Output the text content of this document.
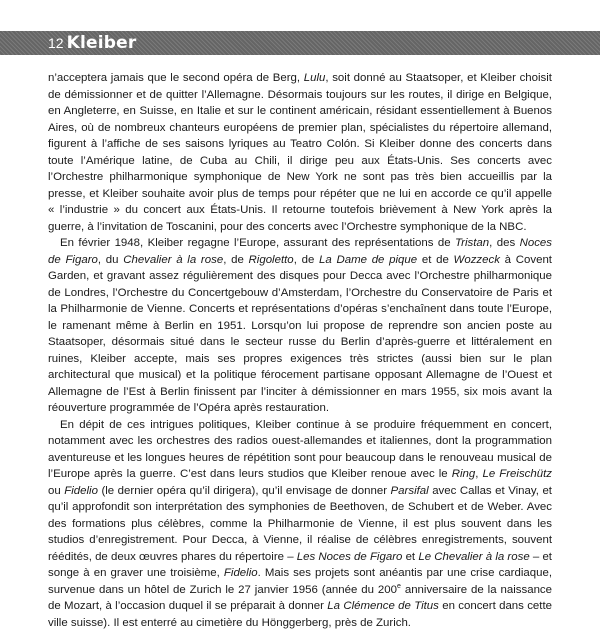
12 Kleiber

n’acceptera jamais que le second opéra de Berg, Lulu, soit donné au Staatsoper, et Kleiber choisit de démissionner et de quitter l’Allemagne. Désormais toujours sur les routes, il dirige en Belgique, en Angleterre, en Suisse, en Italie et sur le continent américain, résidant essentiellement à Buenos Aires, où de nombreux chanteurs européens de premier plan, spécialistes du répertoire allemand, figurent à l’affiche de ses saisons lyriques au Teatro Colón. Si Kleiber donne des concerts dans toute l’Amérique latine, de Cuba au Chili, il dirige peu aux États-Unis. Ses concerts avec l’Orchestre philharmonique symphonique de New York ne sont pas très bien accueillis par la presse, et Kleiber souhaite avoir plus de temps pour répéter que ne lui en accorde ce qu’il appelle « l’industrie » du concert aux États-Unis. Il retourne toutefois brièvement à New York après la guerre, à l’invitation de Toscanini, pour des concerts avec l’Orchestre symphonique de la NBC.

En février 1948, Kleiber regagne l’Europe, assurant des représentations de Tristan, des Noces de Figaro, du Chevalier à la rose, de Rigoletto, de La Dame de pique et de Wozzeck à Covent Garden, et gravant assez régulièrement des disques pour Decca avec l’Orchestre philharmonique de Londres, l’Orchestre du Concertgebouw d’Amsterdam, l’Orchestre du Conservatoire de Paris et la Philharmonie de Vienne. Concerts et représentations d’opéras s’enchaînent dans toute l’Europe, le ramenant même à Berlin en 1951. Lorsqu’on lui propose de reprendre son ancien poste au Staatsoper, désormais situé dans le secteur russe du Berlin d’après-guerre et littéralement en ruines, Kleiber accepte, mais ses propres exigences très strictes (aussi bien sur le plan architectural que musical) et la politique férocement partisane opposant Allemagne de l’Ouest et Allemagne de l’Est à Berlin finissent par l’inciter à démissionner en mars 1955, six mois avant la réouverture programmée de l’Opéra après restauration.

En dépit de ces intrigues politiques, Kleiber continue à se produire fréquemment en concert, notamment avec les orchestres des radios ouest-allemandes et italiennes, dont la programmation aventureuse et les longues heures de répétition sont pour beaucoup dans le renouveau musical de l’Europe après la guerre. C’est dans leurs studios que Kleiber renoue avec le Ring, Le Freischütz ou Fidelio (le dernier opéra qu’il dirigera), qu’il envisage de donner Parsifal avec Callas et Vinay, et qu’il approfondit son interprétation des symphonies de Beethoven, de Schubert et de Weber. Avec des formations plus célèbres, comme la Philharmonie de Vienne, il est plus souvent dans les studios d’enregistrement. Pour Decca, à Vienne, il réalise de célèbres enregistrements, souvent réédités, de deux œuvres phares du répertoire – Les Noces de Figaro et Le Chevalier à la rose – et songe à en graver une troisième, Fidelio. Mais ses projets sont anéantis par une crise cardiaque, survenue dans un hôtel de Zurich le 27 janvier 1956 (année du 200e anniversaire de la naissance de Mozart, à l’occasion duquel il se préparait à donner La Clémence de Titus en concert dans cette ville suisse). Il est enterré au cimetière du Hönggerberg, près de Zurich.
